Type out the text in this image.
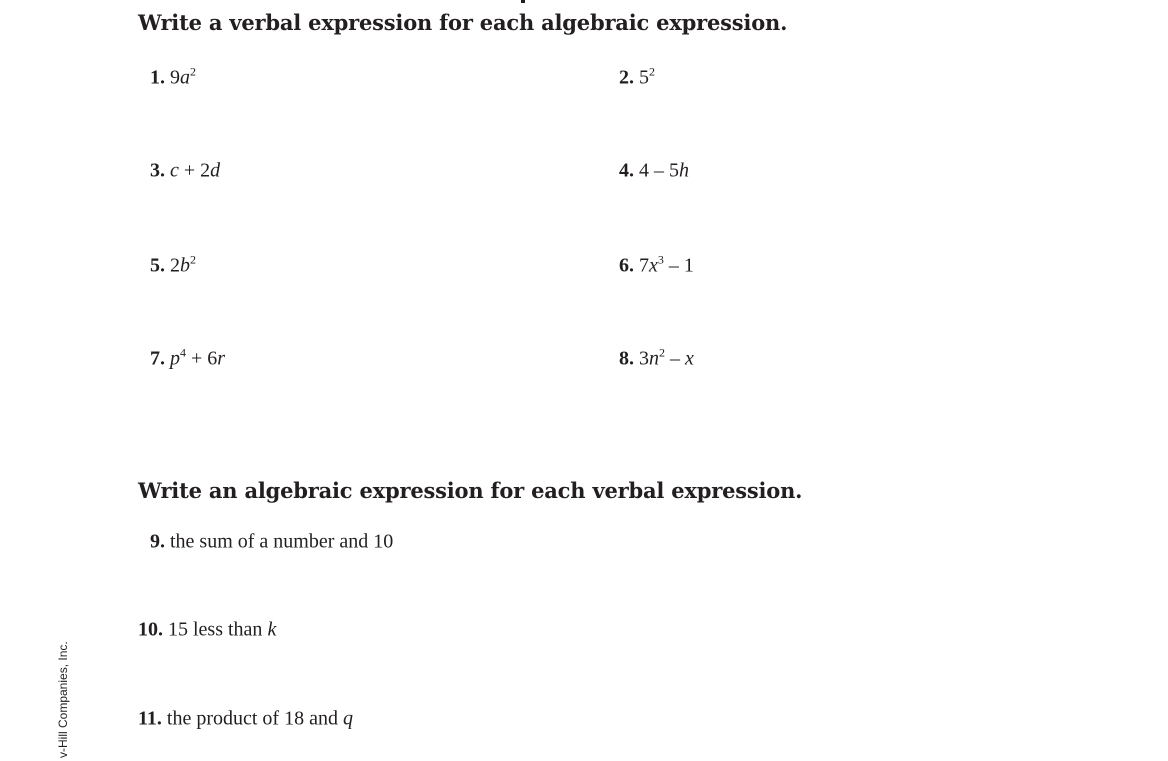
Write a verbal expression for each algebraic expression.
1. $9a^2$	2. $5^2$
3. c + 2d	4. 4 – 5h
5. $2b^2$	6. $7x^3 - 1$
7. $p^4 + 6r$	8. $3n^2$ – x
Write an algebraic expression for each verbal expression.
9. the sum of a number and 10
10. 15 less than k
11. the product of 18 and q
v-Hill Companies, Inc.
